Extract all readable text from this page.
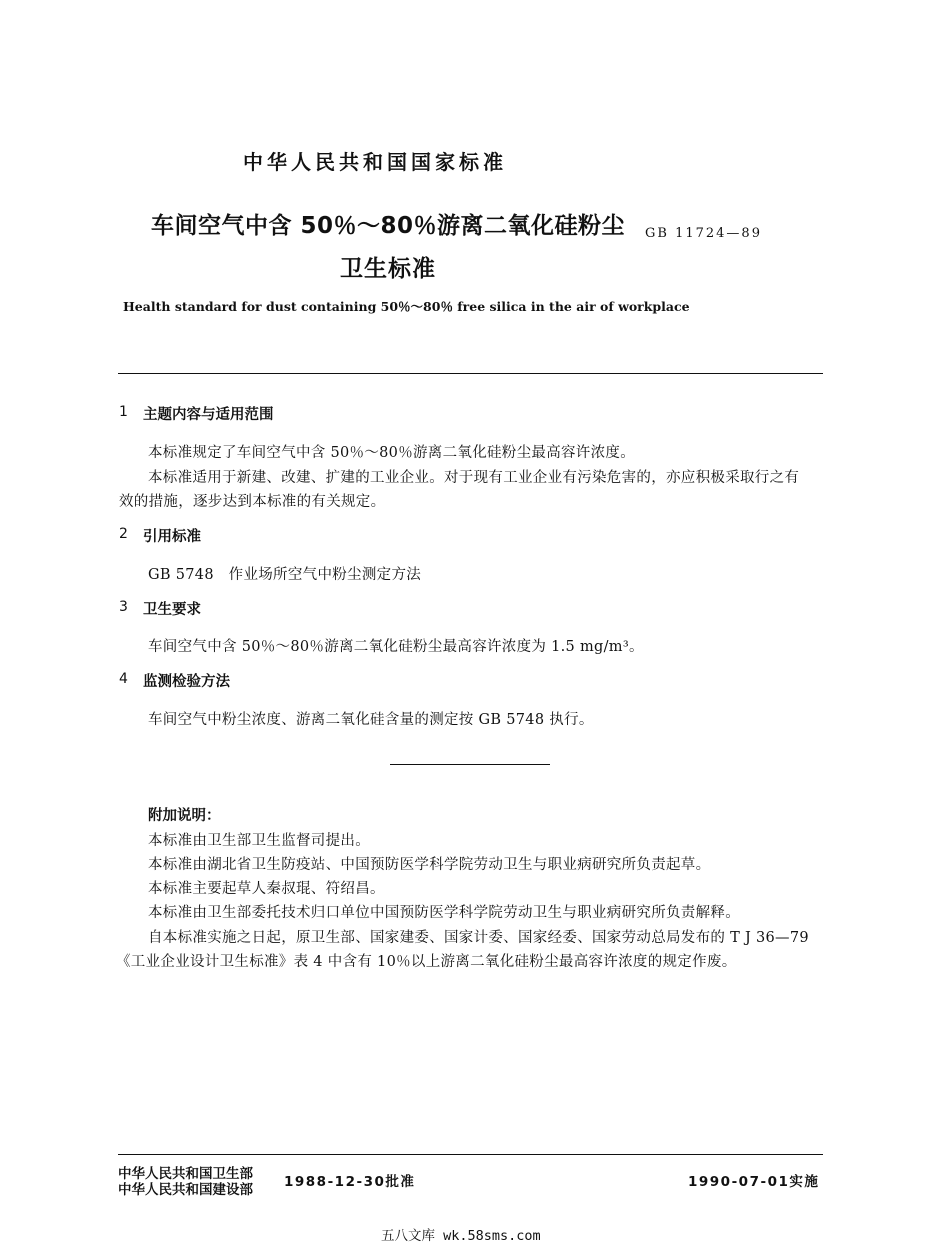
中华人民共和国国家标准
车间空气中含 50％～80％游离二氧化硅粉尘 GB 11724—89
卫生标准
Health standard for dust containing 50％～80％ free silica in the air of workplace
1 主题内容与适用范围
本标准规定了车间空气中含 50％～80％游离二氧化硅粉尘最高容许浓度。
本标准适用于新建、改建、扩建的工业企业。对于现有工业企业有污染危害的，亦应积极采取行之有
效的措施，逐步达到本标准的有关规定。
2 引用标准
GB 5748　作业场所空气中粉尘测定方法
3 卫生要求
车间空气中含 50％～80％游离二氧化硅粉尘最高容许浓度为 1.5 mg/m³。
4 监测检验方法
车间空气中粉尘浓度、游离二氧化硅含量的测定按 GB 5748 执行。
附加说明：
本标准由卫生部卫生监督司提出。
本标准由湖北省卫生防疫站、中国预防医学科学院劳动卫生与职业病研究所负责起草。
本标准主要起草人秦叔琨、符绍昌。
本标准由卫生部委托技术归口单位中国预防医学科学院劳动卫生与职业病研究所负责解释。
自本标准实施之日起，原卫生部、国家建委、国家计委、国家经委、国家劳动总局发布的 T J 36—79
《工业企业设计卫生标准》表 4 中含有 10％以上游离二氧化硅粉尘最高容许浓度的规定作废。
中华人民共和国卫生部
中华人民共和国建设部 1988-12-30批准	1990-07-01实施
五八文库 wk.58sms.com
